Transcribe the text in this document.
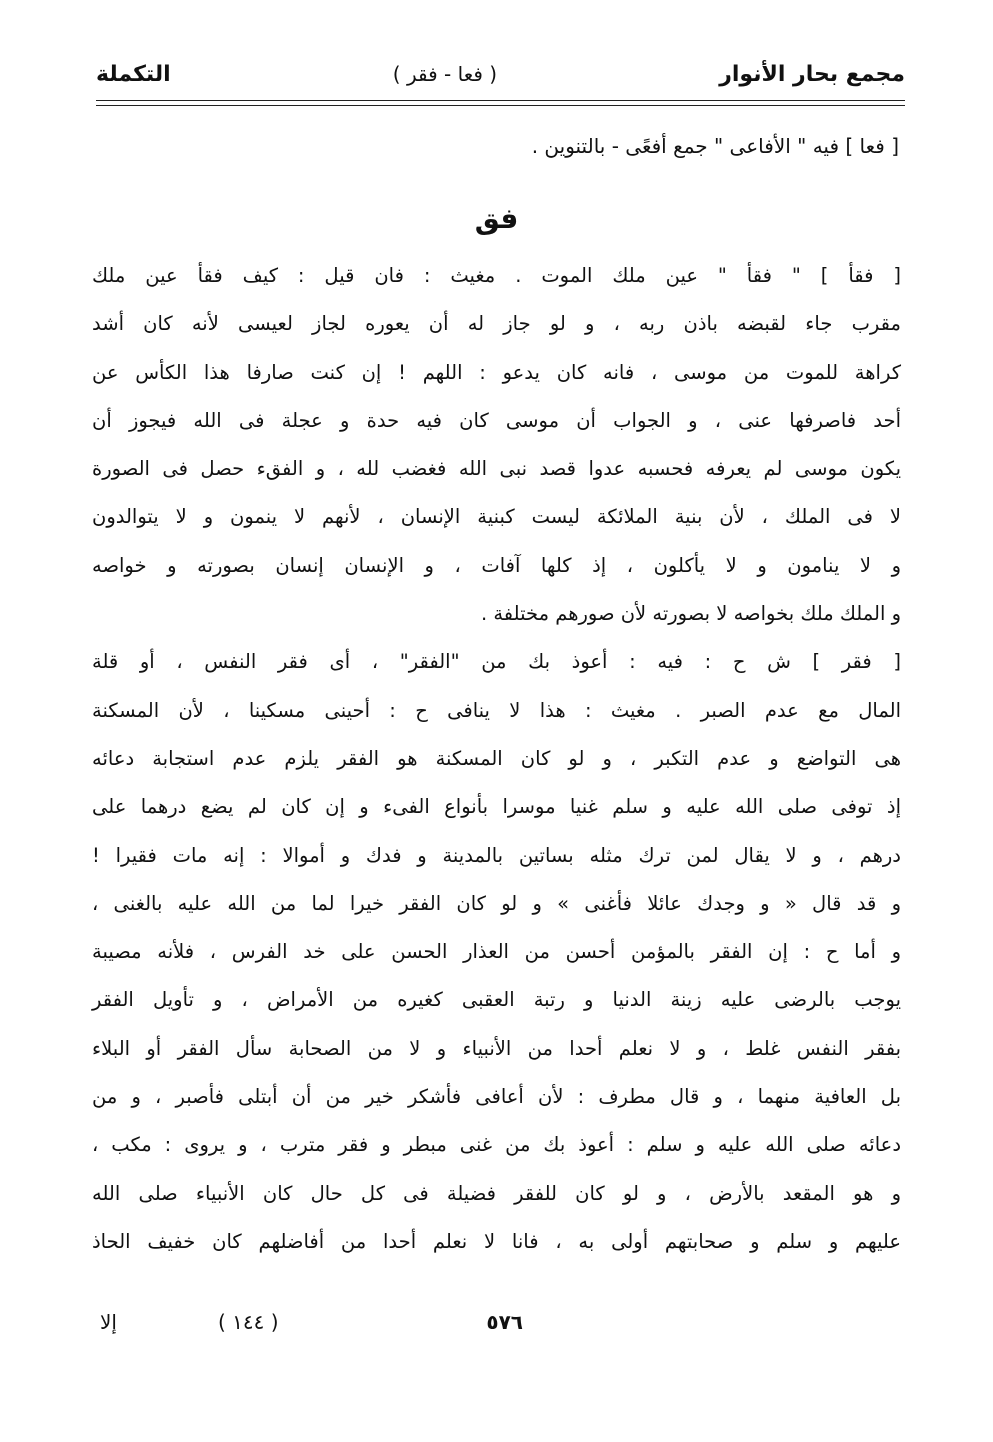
مجمع بحار الأنوار
( فعا - فقر )
التكملة
[ فعا ] فيه " الأفاعى " جمع أفعًى - بالتنوين .
فق
[ فقأ ] " فقأ " عين ملك الموت . مغيث : فان قيل : كيف فقأ عين ملك
مقرب جاء لقبضه باذن ربه ، و لو جاز له أن يعوره لجاز لعيسى لأنه كان أشد
كراهة للموت من موسى ، فانه كان يدعو : اللهم ! إن كنت صارفا هذا الكأس عن
أحد فاصرفها عنى ، و الجواب أن موسى كان فيه حدة و عجلة فى الله فيجوز أن
يكون موسى لم يعرفه فحسبه عدوا قصد نبى الله فغضب لله ، و الفقء حصل فى الصورة
لا فى الملك ، لأن بنية الملائكة ليست كبنية الإنسان ، لأنهم لا ينمون و لا يتوالدون
و لا ينامون و لا يأكلون ، إذ كلها آفات ، و الإنسان إنسان بصورته و خواصه
و الملك ملك بخواصه لا بصورته لأن صورهم مختلفة .
[ فقر ] ش ح : فيه : أعوذ بك من "الفقر" ، أى فقر النفس ، أو قلة
المال مع عدم الصبر . مغيث : هذا لا ينافى ح : أحينى مسكينا ، لأن المسكنة
هى التواضع و عدم التكبر ، و لو كان المسكنة هو الفقر يلزم عدم استجابة دعائه
إذ توفى صلى الله عليه و سلم غنيا موسرا بأنواع الفىء و إن كان لم يضع درهما على
درهم ، و لا يقال لمن ترك مثله بساتين بالمدينة و فدك و أموالا : إنه مات فقيرا !
و قد قال « و وجدك عائلا فأغنى » و لو كان الفقر خيرا لما من الله عليه بالغنى ،
و أما ح : إن الفقر بالمؤمن أحسن من العذار الحسن على خد الفرس ، فلأنه مصيبة
يوجب بالرضى عليه زينة الدنيا و رتبة العقبى كغيره من الأمراض ، و تأويل الفقر
بفقر النفس غلط ، و لا نعلم أحدا من الأنبياء و لا من الصحابة سأل الفقر أو البلاء
بل العافية منهما ، و قال مطرف : لأن أعافى فأشكر خير من أن أبتلى فأصبر ، و من
دعائه صلى الله عليه و سلم : أعوذ بك من غنى مبطر و فقر مترب ، و يروى : مكب ،
و هو المقعد بالأرض ، و لو كان للفقر فضيلة فى كل حال كان الأنبياء صلى الله
عليهم و سلم و صحابتهم أولى به ، فانا لا نعلم أحدا من أفاضلهم كان خفيف الحاذ
٥٧٦
( ١٤٤ )
إلا
